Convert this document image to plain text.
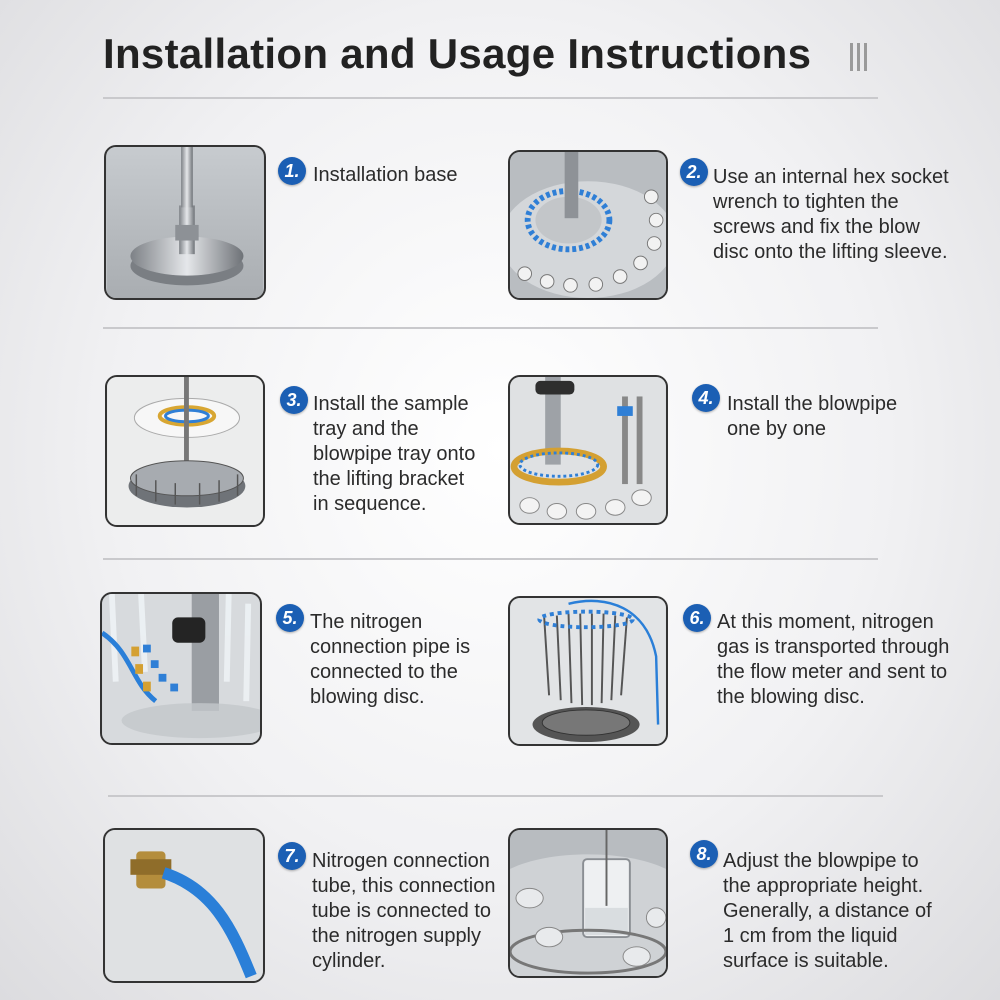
Installation and Usage Instructions
1. Installation base	2. Use an internal hex socket
wrench to tighten the
screws and fix the blow
disc onto the lifting sleeve.
3. Install the sample
tray and the
blowpipe tray onto
the lifting bracket
in sequence.
4. Install the blowpipe
one by one
5. The nitrogen
connection pipe is
connected to the
blowing disc.
6. At this moment, nitrogen
gas is transported through
the flow meter and sent to
the blowing disc.
7. Nitrogen connection
tube, this connection
tube is connected to
the nitrogen supply
cylinder.
8. Adjust the blowpipe to
the appropriate height.
Generally, a distance of
1 cm from the liquid
surface is suitable.
